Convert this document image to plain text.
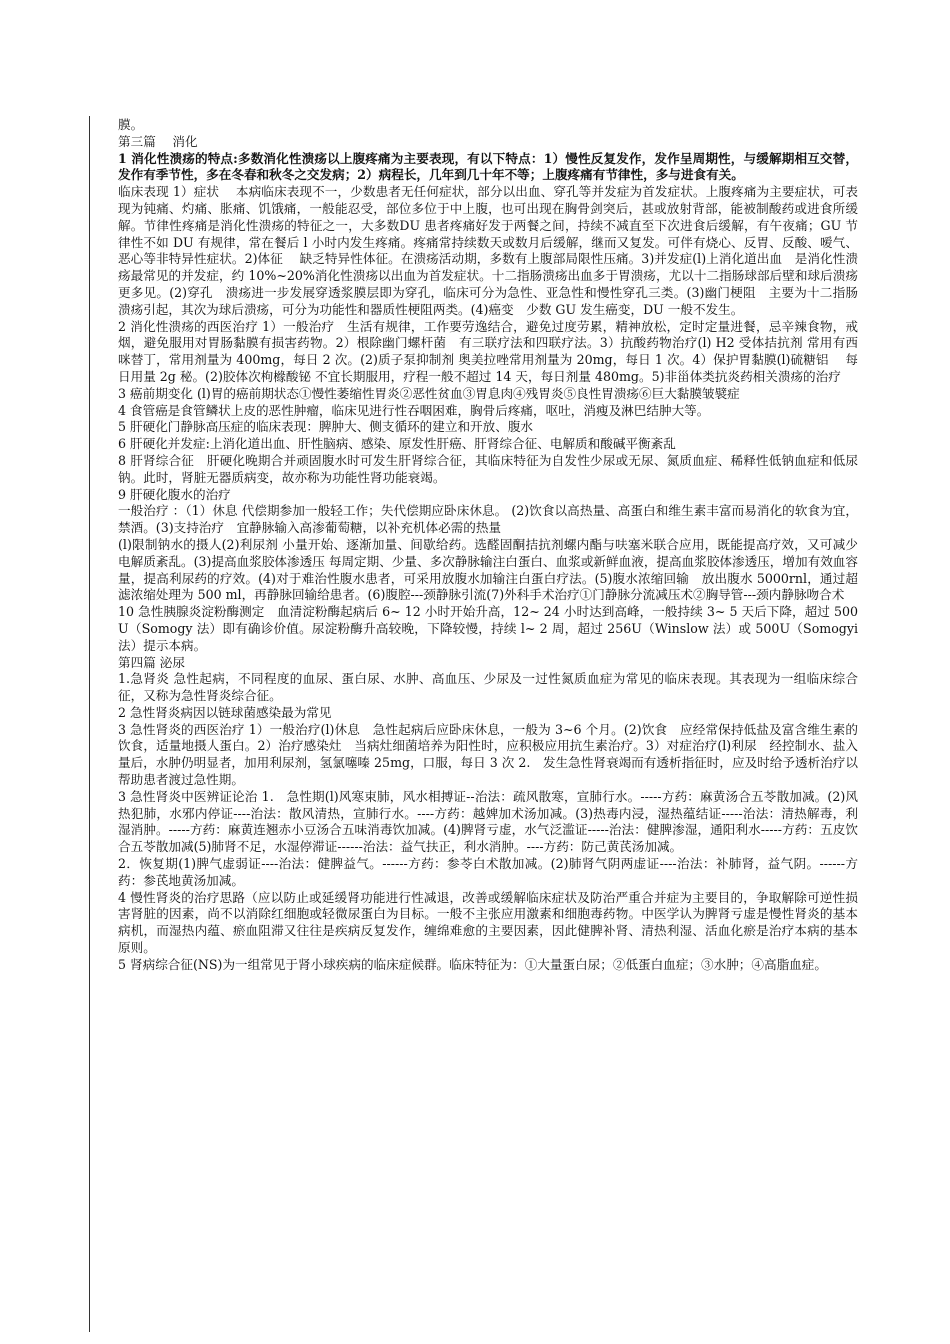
膜。

第三篇　 消化

1 消化性溃疡的特点:多数消化性溃疡以上腹疼痛为主要表现，有以下特点：1）慢性反复发作，发作呈周期性，与缓解期相互交替，发作有季节性，多在冬春和秋冬之交发病；2）病程长，几年到几十年不等；上腹疼痛有节律性，多与进食有关。

临床表现 1）症状　 本病临床表现不一，少数患者无任何症状，部分以出血、穿孔等并发症为首发症状。上腹疼痛为主要症状，可表现为钝痛、灼痛、胀痛、饥饿痛，一般能忍受，部位多位于中上腹，也可出现在胸骨剑突后，甚或放射背部，能被制酸药或进食所缓解。节律性疼痛是消化性溃疡的特征之一，大多数DU 患者疼痛好发于两餐之间，持续不减直至下次进食后缓解，有午夜痛；GU 节律性不如 DU 有规律，常在餐后 l 小时内发生疼痛。疼痛常持续数天或数月后缓解，继而又复发。可伴有烧心、反胃、反酸、嗳气、恶心等非特异性症状。2)体征　 缺乏特异性体征。在溃疡活动期，多数有上腹部局限性压痛。3)并发症(l)上消化道出血　是消化性溃疡最常见的并发症，约 10%~20%消化性溃疡以出血为首发症状。十二指肠溃疡出血多于胃溃疡，尤以十二指肠球部后壁和球后溃疡更多见。(2)穿孔　溃疡进一步发展穿透浆膜层即为穿孔，临床可分为急性、亚急性和慢性穿孔三类。(3)幽门梗阻　主要为十二指肠溃疡引起，其次为球后溃疡，可分为功能性和器质性梗阻两类。(4)癌变　少数 GU 发生癌变，DU 一般不发生。

2 消化性溃疡的西医治疗 1）一般治疗　生活有规律，工作要劳逸结合，避免过度劳累，精神放松，定时定量进餐，忌辛辣食物，戒烟，避免服用对胃肠黏膜有损害药物。2）根除幽门螺杆菌　有三联疗法和四联疗法。3）抗酸药物治疗(l) H2 受体拮抗剂 常用有西咪替丁，常用剂量为 400mg，每日 2 次。(2)质子泵抑制剂 奥美拉唑常用剂量为 20mg，每日 1 次。4）保护胃黏膜(l)硫糖铝　 每日用量 2g 秘。(2)胶体次枸橼酸铋 不宜长期服用，疗程一般不超过 14 天，每日剂量 480mg。5)非甾体类抗炎药相关溃疡的治疗

3 癌前期变化 (l)胃的癌前期状态①慢性萎缩性胃炎②恶性贫血③胃息肉④残胃炎⑤良性胃溃疡⑥巨大黏膜皱襞症

4 食管癌是食管鳞状上皮的恶性肿瘤，临床见进行性吞咽困难，胸骨后疼痛，呕吐，消瘦及淋巴结肿大等。

5 肝硬化门静脉高压症的临床表现：脾肿大、侧支循环的建立和开放、腹水

6 肝硬化并发症:上消化道出血、肝性脑病、感染、原发性肝癌、肝肾综合征、电解质和酸碱平衡紊乱

8 肝肾综合征　肝硬化晚期合并顽固腹水时可发生肝肾综合征，其临床特征为自发性少尿或无尿、氮质血症、稀释性低钠血症和低尿钠。此时，肾脏无器质病变，故亦称为功能性肾功能衰竭。

9 肝硬化腹水的治疗

一般治疗 ：（1）休息 代偿期参加一般轻工作；失代偿期应卧床休息。 (2)饮食以高热量、高蛋白和维生素丰富而易消化的软食为宜，禁酒。(3)支持治疗　宜静脉输入高渗葡萄糖，以补充机体必需的热量

(l)限制钠水的摄人(2)利尿剂 小量开始、逐渐加量、间歇给药。选醛固酮拮抗剂螺内酯与呋塞米联合应用，既能提高疗效，又可减少电解质紊乱。(3)提高血浆胶体渗透压 每周定期、少量、多次静脉输注白蛋白、血浆或新鲜血液，提高血浆胶体渗透压，增加有效血容量，提高利尿药的疗效。(4)对于难治性腹水患者，可采用放腹水加输注白蛋白疗法。(5)腹水浓缩回输　放出腹水 5000rnl，通过超滤浓缩处理为 500 ml，再静脉回输给患者。(6)腹腔---颈静脉引流(7)外科手术治疗①门静脉分流减压术②胸导管---颈内静脉吻合术

10 急性胰腺炎淀粉酶测定　血清淀粉酶起病后 6~ 12 小时开始升高，12~ 24 小时达到高峰，一般持续 3~ 5 天后下降，超过 500U（Somogy 法）即有确诊价值。尿淀粉酶升高较晚，下降较慢，持续 l~ 2 周，超过 256U（Winslow 法）或 500U（Somogyi 法）提示本病。

第四篇 泌尿

1.急肾炎 急性起病，不同程度的血尿、蛋白尿、水肿、高血压、少尿及一过性氮质血症为常见的临床表现。其表现为一组临床综合征，又称为急性肾炎综合征。

2 急性肾炎病因以链球菌感染最为常见

3 急性肾炎的西医治疗 1）一般治疗(l)休息　急性起病后应卧床休息，一般为 3~6 个月。(2)饮食　应经常保持低盐及富含维生素的饮食，适量地摄人蛋白。2）治疗感染灶　当病灶细菌培养为阳性时，应积极应用抗生素治疗。3）对症治疗(l)利尿　经控制水、盐入量后，水肿仍明显者，加用利尿剂，氢氯噻嗪 25mg，口服，每日 3 次 2.　发生急性肾衰竭而有透析指征时，应及时给予透析治疗以帮助患者渡过急性期。

3 急性肾炎中医辨证论治 1.　急性期(l)风寒束肺，风水相搏证--治法：疏风散寒，宣肺行水。-----方药：麻黄汤合五苓散加减。(2)风热犯肺，水邪内停证----治法：散风清热，宣肺行水。----方药：越婢加术汤加减。(3)热毒内浸，湿热蕴结证-----治法：清热解毒，利湿消肿。-----方药：麻黄连翘赤小豆汤合五味消毒饮加减。(4)脾肾亏虚，水气泛滥证-----治法：健脾渗湿，通阳利水-----方药：五皮饮合五苓散加减(5)肺肾不足，水湿停滞证------治法：益气扶正，利水消肿。----方药：防己黄芪汤加减。

2．恢复期(1)脾气虚弱证----治法：健脾益气。------方药：参苓白术散加减。(2)肺肾气阴两虚证----治法：补肺肾，益气阴。------方药：参芪地黄汤加减。

4 慢性肾炎的治疗思路（应以防止或延缓肾功能进行性减退，改善或缓解临床症状及防治严重合并症为主要目的，争取解除可逆性损害肾脏的因素，尚不以消除红细胞或轻微尿蛋白为目标。一般不主张应用激素和细胞毒药物。中医学认为脾肾亏虚是慢性肾炎的基本病机，而湿热内蕴、瘀血阻滞又往往是疾病反复发作，缠绵难愈的主要因素，因此健脾补肾、清热利湿、活血化瘀是治疗本病的基本原则。

5 肾病综合征(NS)为一组常见于肾小球疾病的临床症候群。临床特征为：①大量蛋白尿；②低蛋白血症；③水肿；④高脂血症。
